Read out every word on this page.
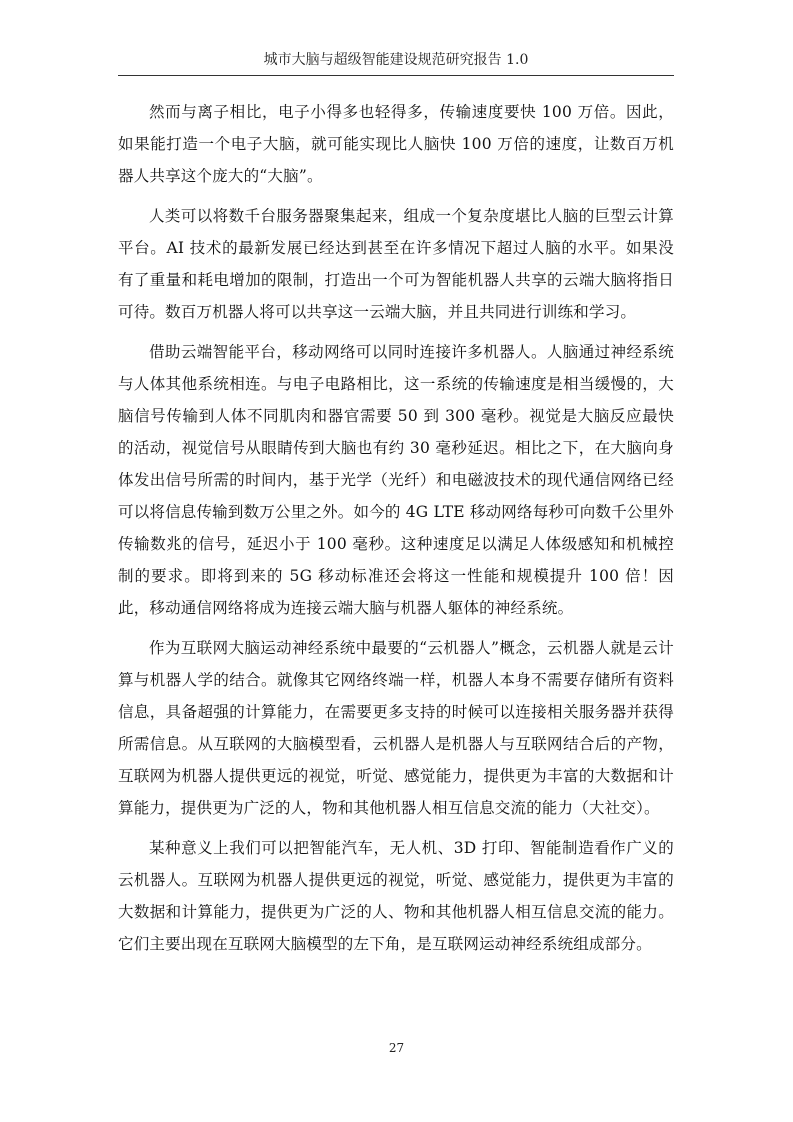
城市大脑与超级智能建设规范研究报告 1.0

然而与离子相比，电子小得多也轻得多，传输速度要快 100 万倍。因此，如果能打造一个电子大脑，就可能实现比人脑快 100 万倍的速度，让数百万机器人共享这个庞大的“大脑”。

人类可以将数千台服务器聚集起来，组成一个复杂度堪比人脑的巨型云计算平台。AI 技术的最新发展已经达到甚至在许多情况下超过人脑的水平。如果没有了重量和耗电增加的限制，打造出一个可为智能机器人共享的云端大脑将指日可待。数百万机器人将可以共享这一云端大脑，并且共同进行训练和学习。

借助云端智能平台，移动网络可以同时连接许多机器人。人脑通过神经系统与人体其他系统相连。与电子电路相比，这一系统的传输速度是相当缓慢的，大脑信号传输到人体不同肌肉和器官需要 50 到 300 毫秒。视觉是大脑反应最快的活动，视觉信号从眼睛传到大脑也有约 30 毫秒延迟。相比之下，在大脑向身体发出信号所需的时间内，基于光学（光纤）和电磁波技术的现代通信网络已经可以将信息传输到数万公里之外。如今的 4G LTE 移动网络每秒可向数千公里外传输数兆的信号，延迟小于 100 毫秒。这种速度足以满足人体级感知和机械控制的要求。即将到来的 5G 移动标准还会将这一性能和规模提升 100 倍！因此，移动通信网络将成为连接云端大脑与机器人躯体的神经系统。

作为互联网大脑运动神经系统中最要的“云机器人”概念，云机器人就是云计算与机器人学的结合。就像其它网络终端一样，机器人本身不需要存储所有资料信息，具备超强的计算能力，在需要更多支持的时候可以连接相关服务器并获得所需信息。从互联网的大脑模型看，云机器人是机器人与互联网结合后的产物，互联网为机器人提供更远的视觉，听觉、感觉能力，提供更为丰富的大数据和计算能力，提供更为广泛的人，物和其他机器人相互信息交流的能力（大社交）。

某种意义上我们可以把智能汽车，无人机、3D 打印、智能制造看作广义的云机器人。互联网为机器人提供更远的视觉，听觉、感觉能力，提供更为丰富的大数据和计算能力，提供更为广泛的人、物和其他机器人相互信息交流的能力。它们主要出现在互联网大脑模型的左下角，是互联网运动神经系统组成部分。

27
